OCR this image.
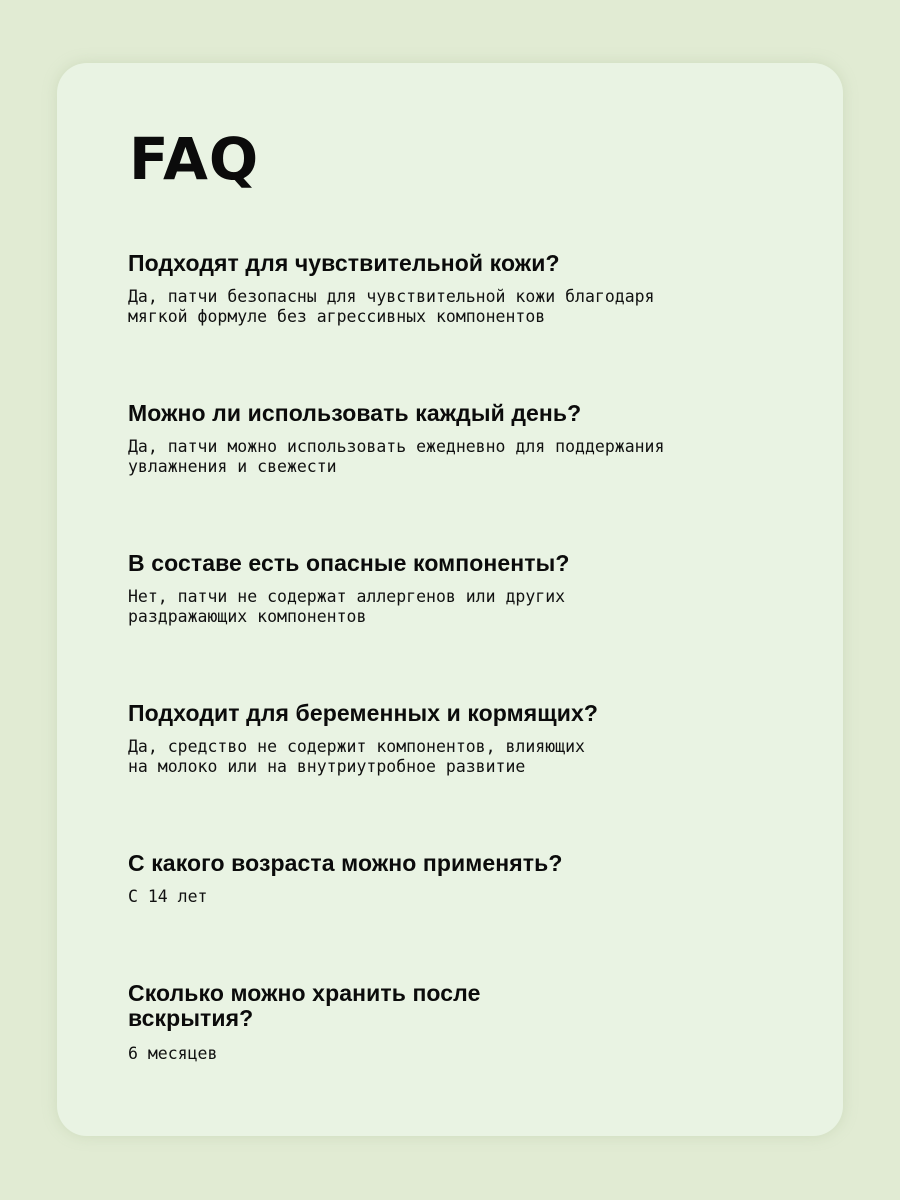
FAQ
Подходят для чувствительной кожи?

Да, патчи безопасны для чувствительной кожи благодаря
мягкой формуле без агрессивных компонентов

Можно ли использовать каждый день?

Да, патчи можно использовать ежедневно для поддержания
увлажнения и свежести

В составе есть опасные компоненты?

Нет, патчи не содержат аллергенов или других
раздражающих компонентов

Подходит для беременных и кормящих?

Да, средство не содержит компонентов, влияющих
на молоко или на внутриутробное развитие

С какого возраста можно применять?

С 14 лет

Сколько можно хранить после вскрытия?

6 месяцев
